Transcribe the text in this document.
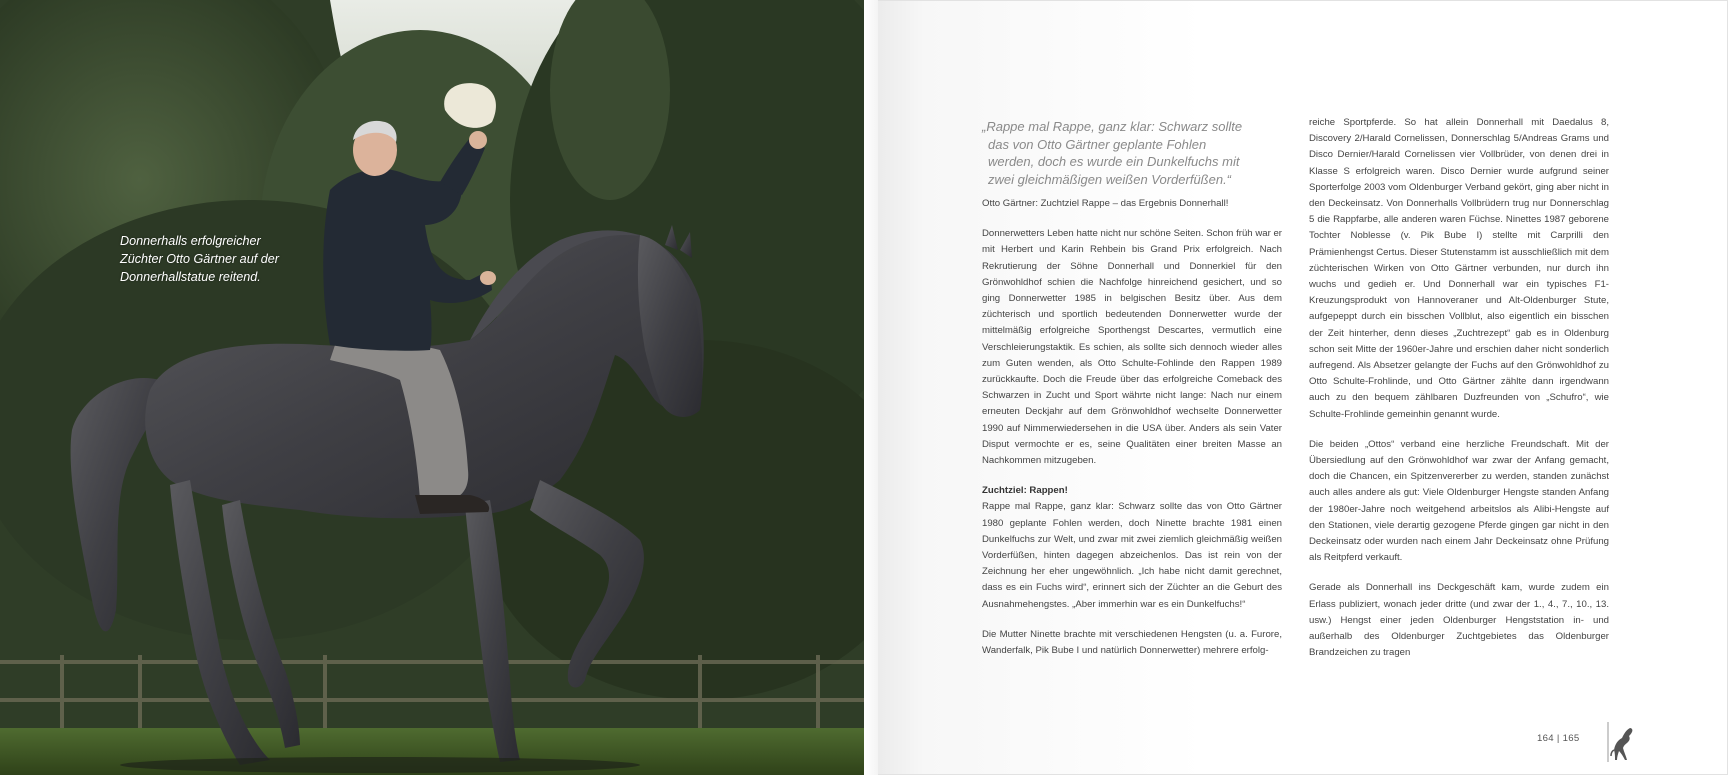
Donnerhalls erfolgreicher
Züchter Otto Gärtner auf der
Donnerhallstatue reitend.
„Rappe mal Rappe, ganz klar: Schwarz sollte
das von Otto Gärtner geplante Fohlen
werden, doch es wurde ein Dunkelfuchs mit
zwei gleichmäßigen weißen Vorderfüßen.“

Otto Gärtner: Zuchtziel Rappe – das Ergebnis Donnerhall!

Donnerwetters Leben hatte nicht nur schöne Seiten. Schon früh war er mit Herbert und Karin Rehbein bis Grand Prix erfolgreich. Nach Rekrutierung der Söhne Donnerhall und Donnerkiel für den Grönwohldhof schien die Nachfolge hinreichend gesichert, und so ging Donnerwetter 1985 in belgischen Besitz über. Aus dem züchterisch und sportlich bedeutenden Donnerwetter wurde der mittelmäßig erfolgreiche Sporthengst Descartes, vermutlich eine Verschleierungstaktik. Es schien, als sollte sich dennoch wieder alles zum Guten wenden, als Otto Schulte-Fohlinde den Rappen 1989 zurückkaufte. Doch die Freude über das erfolgreiche Comeback des Schwarzen in Zucht und Sport währte nicht lange: Nach nur einem erneuten Deckjahr auf dem Grönwohldhof wechselte Donnerwetter 1990 auf Nimmerwiedersehen in die USA über. Anders als sein Vater Disput vermochte er es, seine Qualitäten einer breiten Masse an Nachkommen mitzugeben.

Zuchtziel: Rappen!

Rappe mal Rappe, ganz klar: Schwarz sollte das von Otto Gärtner 1980 geplante Fohlen werden, doch Ninette brachte 1981 einen Dunkelfuchs zur Welt, und zwar mit zwei ziemlich gleichmäßig weißen Vorderfüßen, hinten dagegen abzeichenlos. Das ist rein von der Zeichnung her eher ungewöhnlich. „Ich habe nicht damit gerechnet, dass es ein Fuchs wird“, erinnert sich der Züchter an die Geburt des Ausnahmehengstes. „Aber immerhin war es ein Dunkelfuchs!“

Die Mutter Ninette brachte mit verschiedenen Hengsten (u. a. Furore, Wanderfalk, Pik Bube I und natürlich Donnerwetter) mehrere erfolg-

reiche Sportpferde. So hat allein Donnerhall mit Daedalus 8, Discovery 2/Harald Cornelissen, Donnerschlag 5/Andreas Grams und Disco Dernier/Harald Cornelissen vier Vollbrüder, von denen drei in Klasse S erfolgreich waren. Disco Dernier wurde aufgrund seiner Sporterfolge 2003 vom Oldenburger Verband gekört, ging aber nicht in den Deckeinsatz. Von Donnerhalls Vollbrüdern trug nur Donnerschlag 5 die Rappfarbe, alle anderen waren Füchse. Ninettes 1987 geborene Tochter Noblesse (v. Pik Bube I) stellte mit Carprilli den Prämienhengst Certus. Dieser Stutenstamm ist ausschließlich mit dem züchterischen Wirken von Otto Gärtner verbunden, nur durch ihn wuchs und gedieh er. Und Donnerhall war ein typisches F1-Kreuzungsprodukt von Hannoveraner und Alt-Oldenburger Stute, aufgepeppt durch ein bisschen Vollblut, also eigentlich ein bisschen der Zeit hinterher, denn dieses „Zuchtrezept“ gab es in Oldenburg schon seit Mitte der 1960er-Jahre und erschien daher nicht sonderlich aufregend. Als Absetzer gelangte der Fuchs auf den Grönwohldhof zu Otto Schulte-Frohlinde, und Otto Gärtner zählte dann irgendwann auch zu den bequem zählbaren Duzfreunden von „Schufro“, wie Schulte-Frohlinde gemeinhin genannt wurde.

Die beiden „Ottos“ verband eine herzliche Freundschaft. Mit der Übersiedlung auf den Grönwohldhof war zwar der Anfang gemacht, doch die Chancen, ein Spitzenvererber zu werden, standen zunächst auch alles andere als gut: Viele Oldenburger Hengste standen Anfang der 1980er-Jahre noch weitgehend arbeitslos als Alibi-Hengste auf den Stationen, viele derartig gezogene Pferde gingen gar nicht in den Deckeinsatz oder wurden nach einem Jahr Deckeinsatz ohne Prüfung als Reitpferd verkauft.

Gerade als Donnerhall ins Deckgeschäft kam, wurde zudem ein Erlass publiziert, wonach jeder dritte (und zwar der 1., 4., 7., 10., 13. usw.) Hengst einer jeden Oldenburger Hengststation in- und außerhalb des Oldenburger Zuchtgebietes das Oldenburger Brandzeichen zu tragen

164 | 165
